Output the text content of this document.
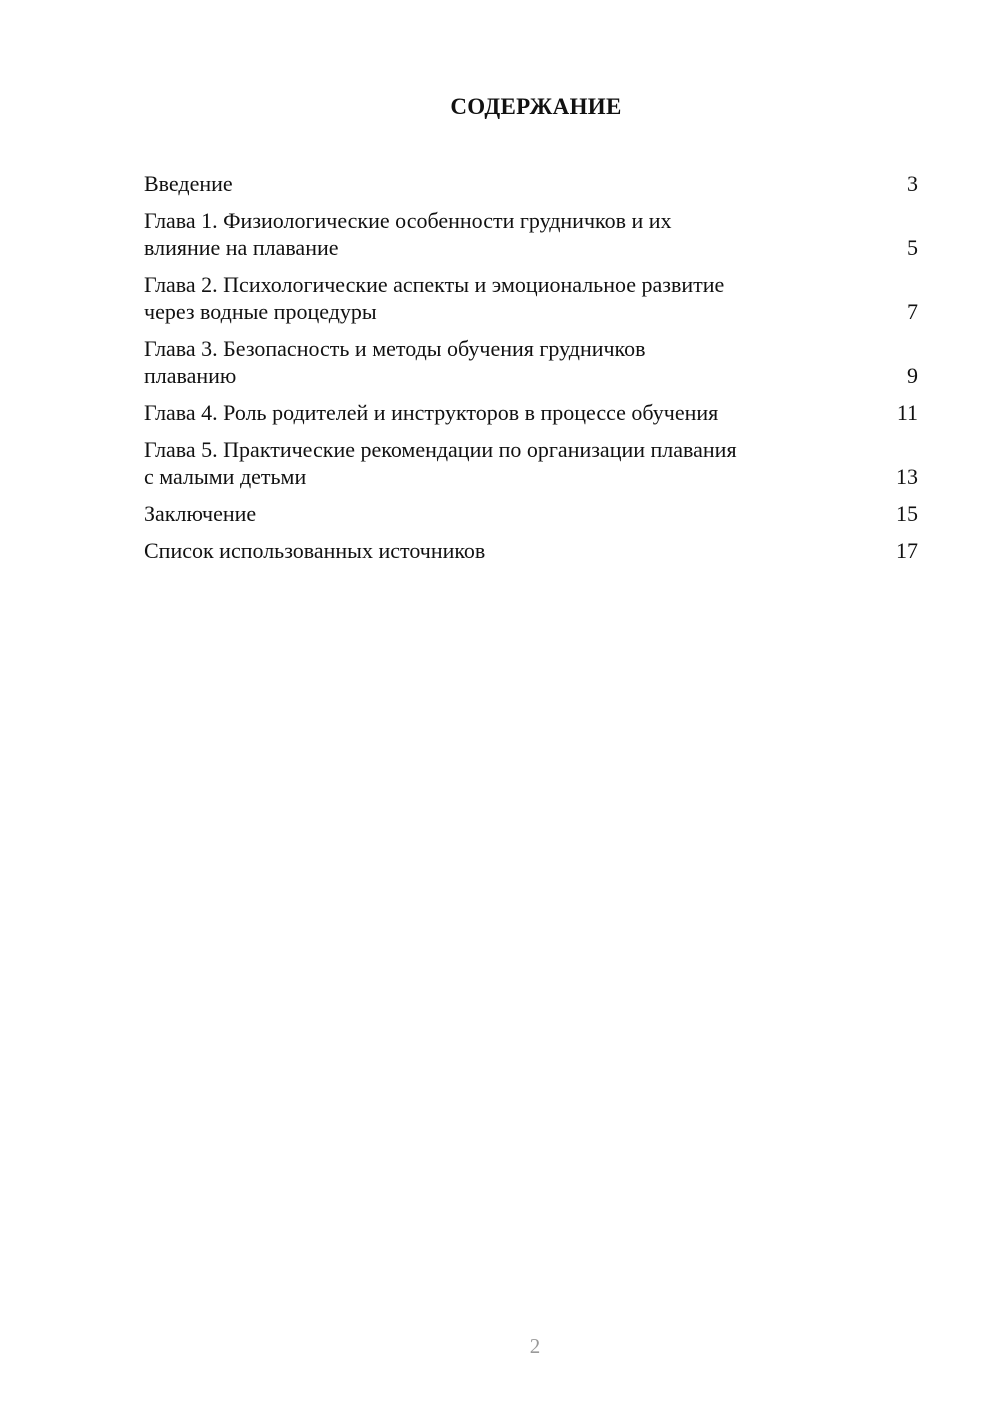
СОДЕРЖАНИЕ
Введение	3
Глава 1. Физиологические особенности грудничков и их
влияние на плавание	5
Глава 2. Психологические аспекты и эмоциональное развитие
через водные процедуры	7
Глава 3. Безопасность и методы обучения грудничков
плаванию	9
Глава 4. Роль родителей и инструкторов в процессе обучения	11
Глава 5. Практические рекомендации по организации плавания
с малыми детьми	13
Заключение	15
Список использованных источников	17
2
